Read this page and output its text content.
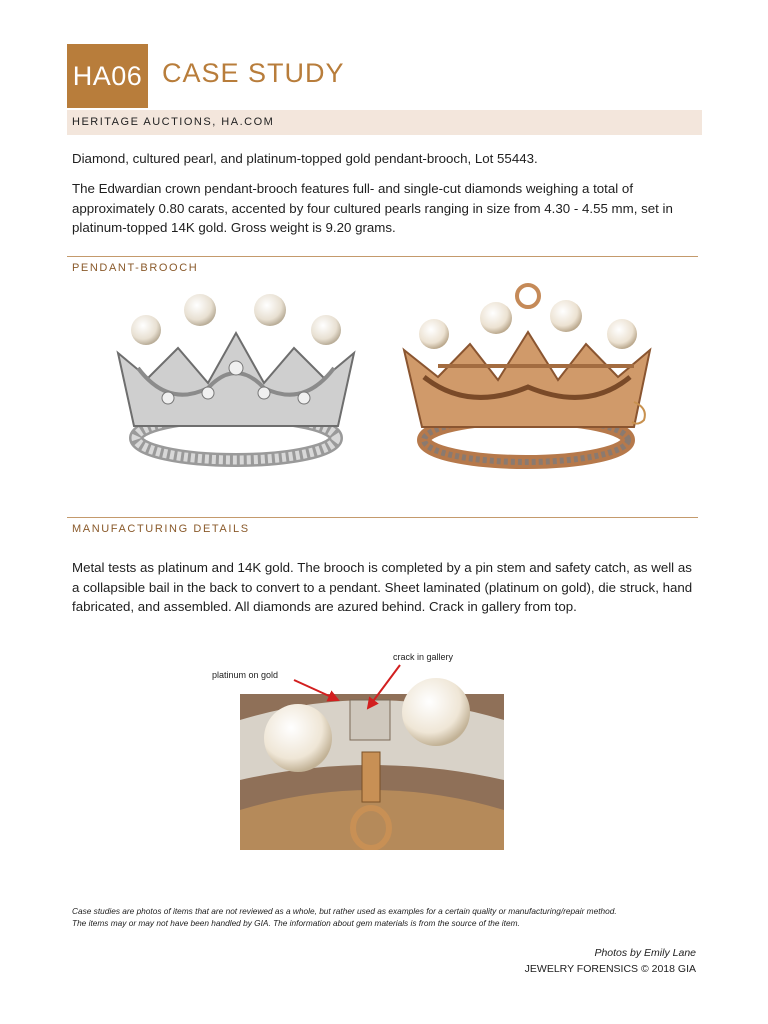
HA06 CASE STUDY
HERITAGE AUCTIONS, HA.COM
Diamond, cultured pearl, and platinum-topped gold pendant-brooch, Lot 55443.
The Edwardian crown pendant-brooch features full- and single-cut diamonds weighing a total of approximately 0.80 carats, accented by four cultured pearls ranging in size from 4.30 - 4.55 mm, set in platinum-topped 14K gold. Gross weight is 9.20 grams.
PENDANT-BROOCH
MANUFACTURING DETAILS
Metal tests as platinum and 14K gold. The brooch is completed by a pin stem and safety catch, as well as a collapsible bail in the back to convert to a pendant. Sheet laminated (platinum on gold), die struck, hand fabricated, and assembled. All diamonds are azured behind. Crack in gallery from top.
platinum on gold
crack in gallery
Case studies are photos of items that are not reviewed as a whole, but rather used as examples for a certain quality or manufacturing/repair method.
The items may or may not have been handled by GIA. The information about gem materials is from the source of the item.
Photos by Emily Lane
JEWELRY FORENSICS © 2018 GIA
